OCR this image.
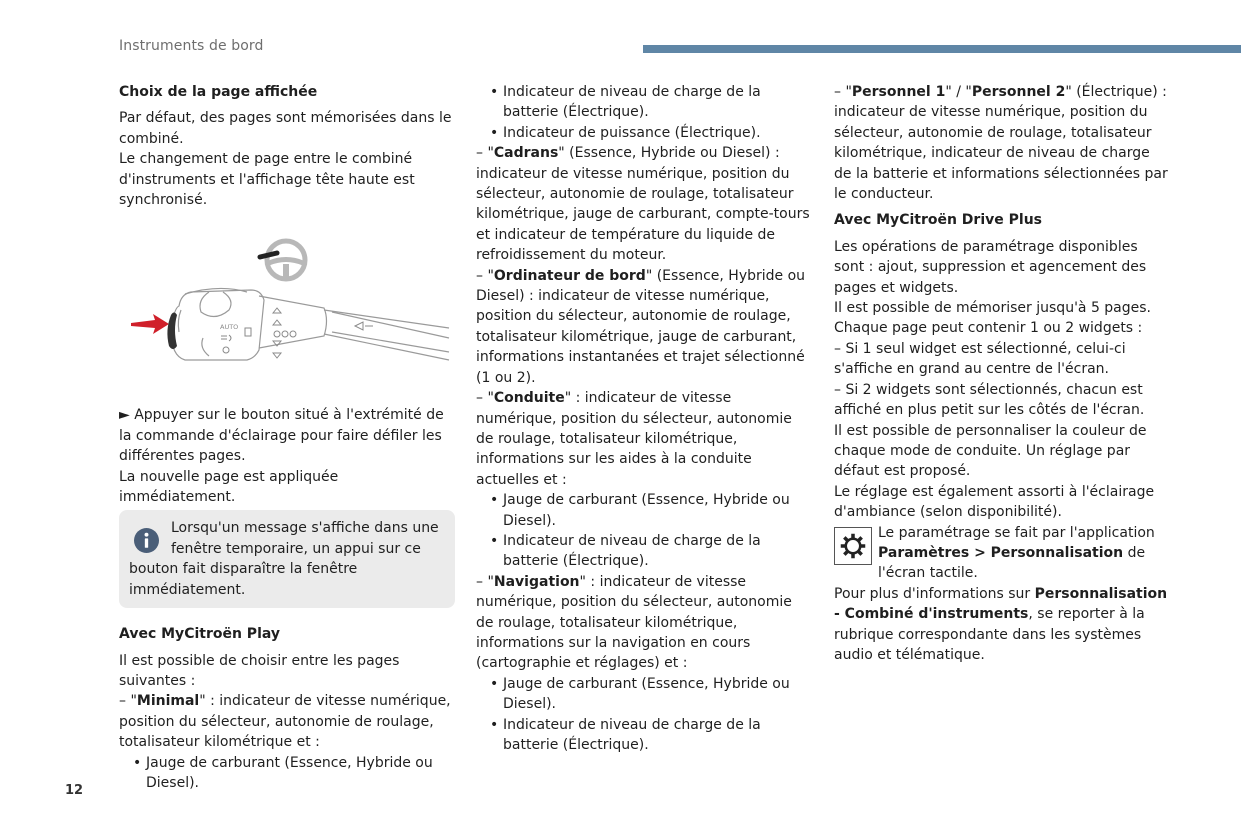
Instruments de bord
Choix de la page affichée

Par défaut, des pages sont mémorisées dans le combiné.

Le changement de page entre le combiné d'instruments et l'affichage tête haute est synchronisé.

AUTO

► Appuyer sur le bouton situé à l'extrémité de la commande d'éclairage pour faire défiler les différentes pages.

La nouvelle page est appliquée immédiatement.

Lorsqu'un message s'affiche dans une fenêtre temporaire, un appui sur ce

bouton fait disparaître la fenêtre immédiatement.

Avec MyCitroën Play

Il est possible de choisir entre les pages suivantes :

– "Minimal" : indicateur de vitesse numérique, position du sélecteur, autonomie de roulage, totalisateur kilométrique et :

• Jauge de carburant (Essence, Hybride ou Diesel).

• Indicateur de niveau de charge de la batterie (Électrique).

• Indicateur de puissance (Électrique).

– "Cadrans" (Essence, Hybride ou Diesel) : indicateur de vitesse numérique, position du sélecteur, autonomie de roulage, totalisateur kilométrique, jauge de carburant, compte-tours et indicateur de température du liquide de refroidissement du moteur.

– "Ordinateur de bord" (Essence, Hybride ou Diesel) : indicateur de vitesse numérique, position du sélecteur, autonomie de roulage, totalisateur kilométrique, jauge de carburant, informations instantanées et trajet sélectionné (1 ou 2).

– "Conduite" : indicateur de vitesse numérique, position du sélecteur, autonomie de roulage, totalisateur kilométrique, informations sur les aides à la conduite actuelles et :

• Jauge de carburant (Essence, Hybride ou Diesel).

• Indicateur de niveau de charge de la batterie (Électrique).

– "Navigation" : indicateur de vitesse numérique, position du sélecteur, autonomie de roulage, totalisateur kilométrique, informations sur la navigation en cours (cartographie et réglages) et :

• Jauge de carburant (Essence, Hybride ou Diesel).

• Indicateur de niveau de charge de la batterie (Électrique).

– "Personnel 1" / "Personnel 2" (Électrique) : indicateur de vitesse numérique, position du sélecteur, autonomie de roulage, totalisateur kilométrique, indicateur de niveau de charge de la batterie et informations sélectionnées par le conducteur.

Avec MyCitroën Drive Plus

Les opérations de paramétrage disponibles sont : ajout, suppression et agencement des pages et widgets.

Il est possible de mémoriser jusqu'à 5 pages.

Chaque page peut contenir 1 ou 2 widgets :

– Si 1 seul widget est sélectionné, celui-ci s'affiche en grand au centre de l'écran.

– Si 2 widgets sont sélectionnés, chacun est affiché en plus petit sur les côtés de l'écran.

Il est possible de personnaliser la couleur de chaque mode de conduite. Un réglage par défaut est proposé.

Le réglage est également assorti à l'éclairage d'ambiance (selon disponibilité).

Le paramétrage se fait par l'application Paramètres > Personnalisation de l'écran tactile.

Pour plus d'informations sur Personnalisation - Combiné d'instruments, se reporter à la rubrique correspondante dans les systèmes audio et télématique.

12
